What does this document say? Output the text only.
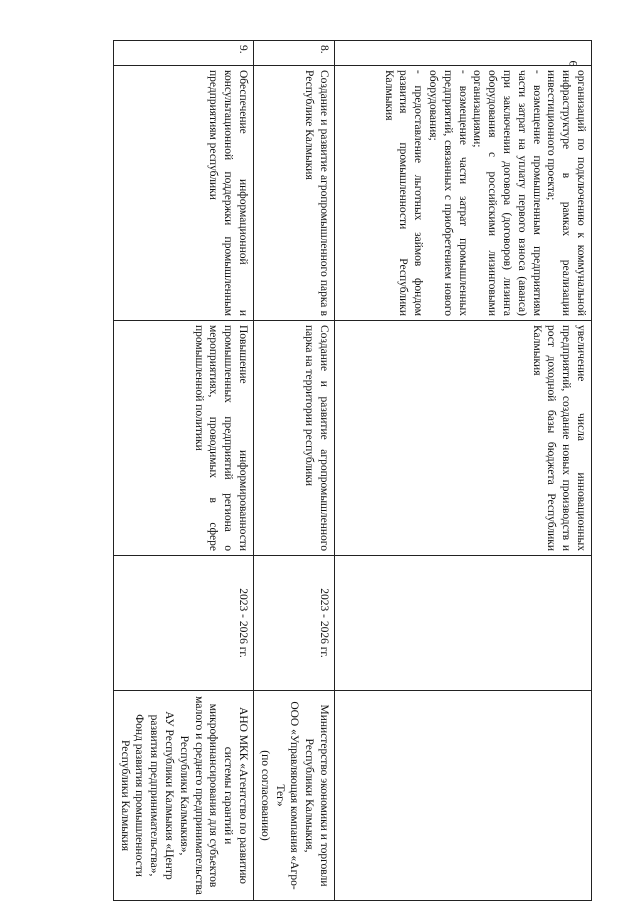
6
	организаций по подключению к коммунальной инфраструктуре в рамках реализации инвестиционного проекта;
- возмещение промышленным предприятиям части затрат на уплату первого взноса (аванса) при заключении договора (договоров) лизинга оборудования с российскими лизинговыми организациями;
- возмещение части затрат промышленных предприятий, связанных с приобретением нового оборудования;
- предоставление льготных займов фондом развития промышленности Республики Калмыкия	увеличение числа инновационных предприятий, создание новых производств и рост доходной базы бюджета Республики Калмыкия		
8.	Создание и развитие агропромышленного парка в Республике Калмыкия	Создание и развитие агропромышленного парка на территории республики	2023 - 2026 гг.	Министерство экономики и торговли Республики Калмыкия,
ООО «Управляющая компания «Агро-Тег»
(по согласованию)
9.	Обеспечение информационной и консультационной поддержки промышленным предприятиям республики	Повышение информированности промышленных предприятий региона о мероприятиях, проводимых в сфере промышленной политики	2023 - 2026 гг.	АНО МКК «Агентство по развитию системы гарантий и микрофинансирования для субъектов малого и среднего предпринимательства Республики Калмыкия»,
АУ Республики Калмыкия «Центр развития предпринимательства»,
Фонд развития промышленности Республики Калмыкия
